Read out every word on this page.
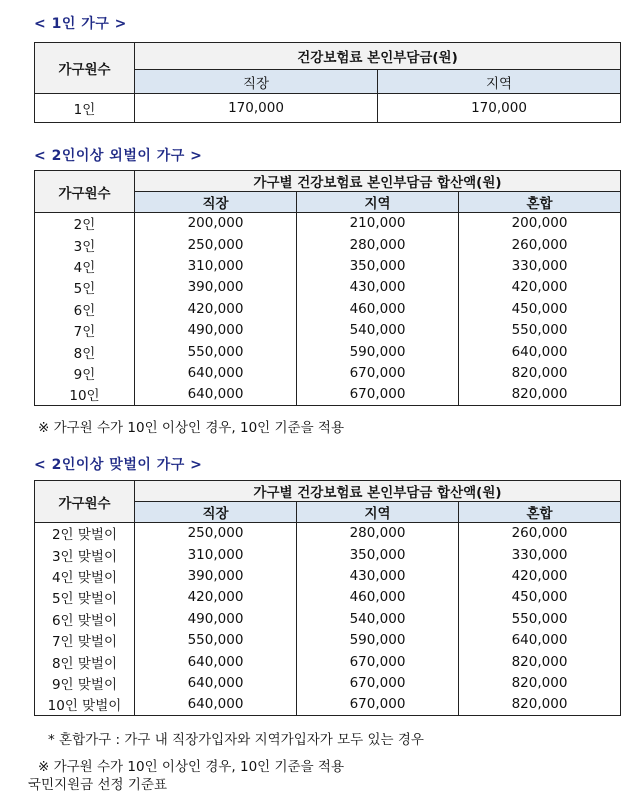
< 1인 가구 >
가구원수	건강보험료 본인부담금(원)	
	직장	지역
1인	170,000	170,000
< 2인이상 외벌이 가구 >
가구원수	가구별 건강보험료 본인부담금 합산액(원)		
	직장	지역	혼합
2인	200,000	210,000	200,000
3인	250,000	280,000	260,000
4인	310,000	350,000	330,000
5인	390,000	430,000	420,000
6인	420,000	460,000	450,000
7인	490,000	540,000	550,000
8인	550,000	590,000	640,000
9인	640,000	670,000	820,000
10인	640,000	670,000	820,000
※ 가구원 수가 10인 이상인 경우, 10인 기준을 적용
< 2인이상 맞벌이 가구 >
가구원수	가구별 건강보험료 본인부담금 합산액(원)		
	직장	지역	혼합
2인 맞벌이	250,000	280,000	260,000
3인 맞벌이	310,000	350,000	330,000
4인 맞벌이	390,000	430,000	420,000
5인 맞벌이	420,000	460,000	450,000
6인 맞벌이	490,000	540,000	550,000
7인 맞벌이	550,000	590,000	640,000
8인 맞벌이	640,000	670,000	820,000
9인 맞벌이	640,000	670,000	820,000
10인 맞벌이	640,000	670,000	820,000
* 혼합가구 : 가구 내 직장가입자와 지역가입자가 모두 있는 경우
※ 가구원 수가 10인 이상인 경우, 10인 기준을 적용
국민지원금 선정 기준표
